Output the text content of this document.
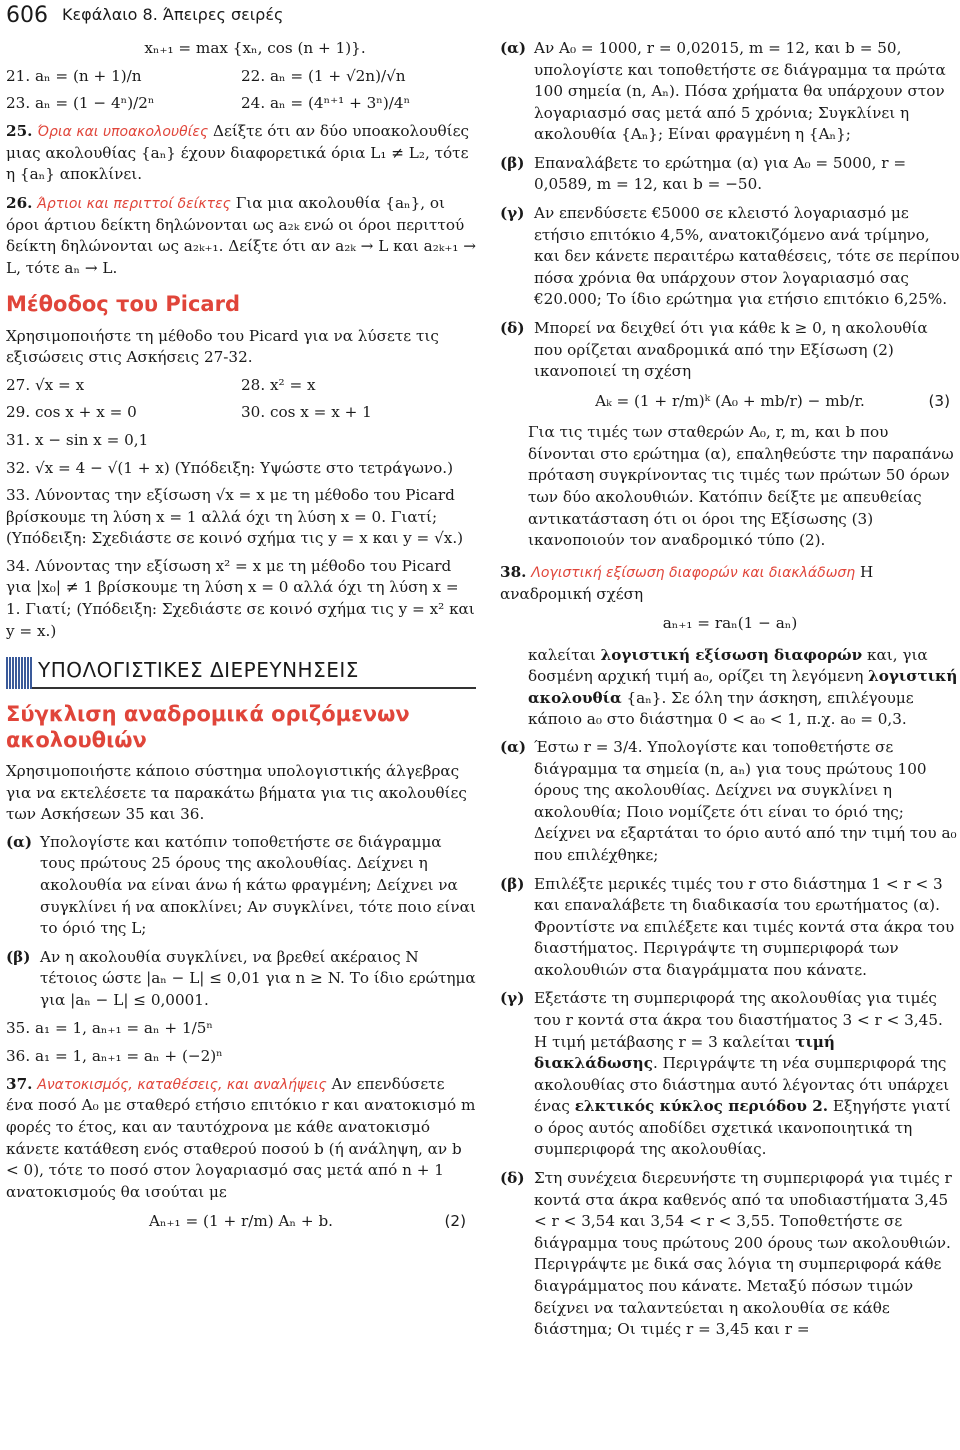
606 Κεφάλαιο 8. Άπειρες σειρές

xₙ₊₁ = max {xₙ, cos (n + 1)}.

21. aₙ = (n + 1)/n	22. aₙ = (1 + √2n)/√n
23. aₙ = (1 − 4ⁿ)/2ⁿ	24. aₙ = (4ⁿ⁺¹ + 3ⁿ)/4ⁿ

25. Όρια και υποακολουθίες Δείξτε ότι αν δύο υποακολουθίες μιας ακολουθίας {aₙ} έχουν διαφορετικά όρια L₁ ≠ L₂, τότε η {aₙ} αποκλίνει.

26. Άρτιοι και περιττοί δείκτες Για μια ακολουθία {aₙ}, οι όροι άρτιου δείκτη δηλώνονται ως a₂ₖ ενώ οι όροι περιττού δείκτη δηλώνονται ως a₂ₖ₊₁. Δείξτε ότι αν a₂ₖ → L και a₂ₖ₊₁ → L, τότε aₙ → L.

Μέθοδος του Picard

Χρησιμοποιήστε τη μέθοδο του Picard για να λύσετε τις εξισώσεις στις Ασκήσεις 27-32.

27. √x = x	28. x² = x
29. cos x + x = 0	30. cos x = x + 1

31. x − sin x = 0,1

32. √x = 4 − √(1 + x) (Υπόδειξη: Υψώστε στο τετράγωνο.)

33. Λύνοντας την εξίσωση √x = x με τη μέθοδο του Picard βρίσκουμε τη λύση x = 1 αλλά όχι τη λύση x = 0. Γιατί; (Υπόδειξη: Σχεδιάστε σε κοινό σχήμα τις y = x και y = √x.)

34. Λύνοντας την εξίσωση x² = x με τη μέθοδο του Picard για |x₀| ≠ 1 βρίσκουμε τη λύση x = 0 αλλά όχι τη λύση x = 1. Γιατί; (Υπόδειξη: Σχεδιάστε σε κοινό σχήμα τις y = x² και y = x.)

ΥΠΟΛΟΓΙΣΤΙΚΕΣ ΔΙΕΡΕΥΝΗΣΕΙΣ
Σύγκλιση αναδρομικά οριζόμενων ακολουθιών

Χρησιμοποιήστε κάποιο σύστημα υπολογιστικής άλγεβρας για να εκτελέσετε τα παρακάτω βήματα για τις ακολουθίες των Ασκήσεων 35 και 36.

(α) Υπολογίστε και κατόπιν τοποθετήστε σε διάγραμμα τους πρώτους 25 όρους της ακολουθίας. Δείχνει η ακολουθία να είναι άνω ή κάτω φραγμένη; Δείχνει να συγκλίνει ή να αποκλίνει; Αν συγκλίνει, τότε ποιο είναι το όριό της L;
(β) Αν η ακολουθία συγκλίνει, να βρεθεί ακέραιος N τέτοιος ώστε |aₙ − L| ≤ 0,01 για n ≥ N. Το ίδιο ερώτημα για |aₙ − L| ≤ 0,0001.

35. a₁ = 1, aₙ₊₁ = aₙ + 1/5ⁿ

36. a₁ = 1, aₙ₊₁ = aₙ + (−2)ⁿ

37. Ανατοκισμός, καταθέσεις, και αναλήψεις Αν επενδύσετε ένα ποσό A₀ με σταθερό ετήσιο επιτόκιο r και ανατοκισμό m φορές το έτος, και αν ταυτόχρονα με κάθε ανατοκισμό κάνετε κατάθεση ενός σταθερού ποσού b (ή ανάληψη, αν b < 0), τότε το ποσό στον λογαριασμό σας μετά από n + 1 ανατοκισμούς θα ισούται με

Aₙ₊₁ = (1 + r/m) Aₙ + b.	(2)
(α) Αν A₀ = 1000, r = 0,02015, m = 12, και b = 50, υπολογίστε και τοποθετήστε σε διάγραμμα τα πρώτα 100 σημεία (n, Aₙ). Πόσα χρήματα θα υπάρχουν στον λογαριασμό σας μετά από 5 χρόνια; Συγκλίνει η ακολουθία {Aₙ}; Είναι φραγμένη η {Aₙ};
(β) Επαναλάβετε το ερώτημα (α) για A₀ = 5000, r = 0,0589, m = 12, και b = −50.
(γ) Αν επενδύσετε €5000 σε κλειστό λογαριασμό με ετήσιο επιτόκιο 4,5%, ανατοκιζόμενο ανά τρίμηνο, και δεν κάνετε περαιτέρω καταθέσεις, τότε σε περίπου πόσα χρόνια θα υπάρχουν στον λογαριασμό σας €20.000; Το ίδιο ερώτημα για ετήσιο επιτόκιο 6,25%.
(δ) Μπορεί να δειχθεί ότι για κάθε k ≥ 0, η ακολουθία που ορίζεται αναδρομικά από την Εξίσωση (2) ικανοποιεί τη σχέση
Aₖ = (1 + r/m)ᵏ (A₀ + mb/r) − mb/r.	(3)

Για τις τιμές των σταθερών A₀, r, m, και b που δίνονται στο ερώτημα (α), επαληθεύστε την παραπάνω πρόταση συγκρίνοντας τις τιμές των πρώτων 50 όρων των δύο ακολουθιών. Κατόπιν δείξτε με απευθείας αντικατάσταση ότι οι όροι της Εξίσωσης (3) ικανοποιούν τον αναδρομικό τύπο (2).

38. Λογιστική εξίσωση διαφορών και διακλάδωση Η αναδρομική σχέση

aₙ₊₁ = raₙ(1 − aₙ)

καλείται λογιστική εξίσωση διαφορών και, για δοσμένη αρχική τιμή a₀, ορίζει τη λεγόμενη λογιστική ακολουθία {aₙ}. Σε όλη την άσκηση, επιλέγουμε κάποιο a₀ στο διάστημα 0 < a₀ < 1, π.χ. a₀ = 0,3.

(α) Έστω r = 3/4. Υπολογίστε και τοποθετήστε σε διάγραμμα τα σημεία (n, aₙ) για τους πρώτους 100 όρους της ακολουθίας. Δείχνει να συγκλίνει η ακολουθία; Ποιο νομίζετε ότι είναι το όριό της; Δείχνει να εξαρτάται το όριο αυτό από την τιμή του a₀ που επιλέχθηκε;
(β) Επιλέξτε μερικές τιμές του r στο διάστημα 1 < r < 3 και επαναλάβετε τη διαδικασία του ερωτήματος (α). Φροντίστε να επιλέξετε και τιμές κοντά στα άκρα του διαστήματος. Περιγράψτε τη συμπεριφορά των ακολουθιών στα διαγράμματα που κάνατε.
(γ) Εξετάστε τη συμπεριφορά της ακολουθίας για τιμές του r κοντά στα άκρα του διαστήματος 3 < r < 3,45. Η τιμή μετάβασης r = 3 καλείται τιμή διακλάδωσης. Περιγράψτε τη νέα συμπεριφορά της ακολουθίας στο διάστημα αυτό λέγοντας ότι υπάρχει ένας ελκτικός κύκλος περιόδου 2. Εξηγήστε γιατί ο όρος αυτός αποδίδει σχετικά ικανοποιητικά τη συμπεριφορά της ακολουθίας.
(δ) Στη συνέχεια διερευνήστε τη συμπεριφορά για τιμές r κοντά στα άκρα καθενός από τα υποδιαστήματα 3,45 < r < 3,54 και 3,54 < r < 3,55. Τοποθετήστε σε διάγραμμα τους πρώτους 200 όρους των ακολουθιών. Περιγράψτε με δικά σας λόγια τη συμπεριφορά κάθε διαγράμματος που κάνατε. Μεταξύ πόσων τιμών δείχνει να ταλαντεύεται η ακολουθία σε κάθε διάστημα; Οι τιμές r = 3,45 και r =
